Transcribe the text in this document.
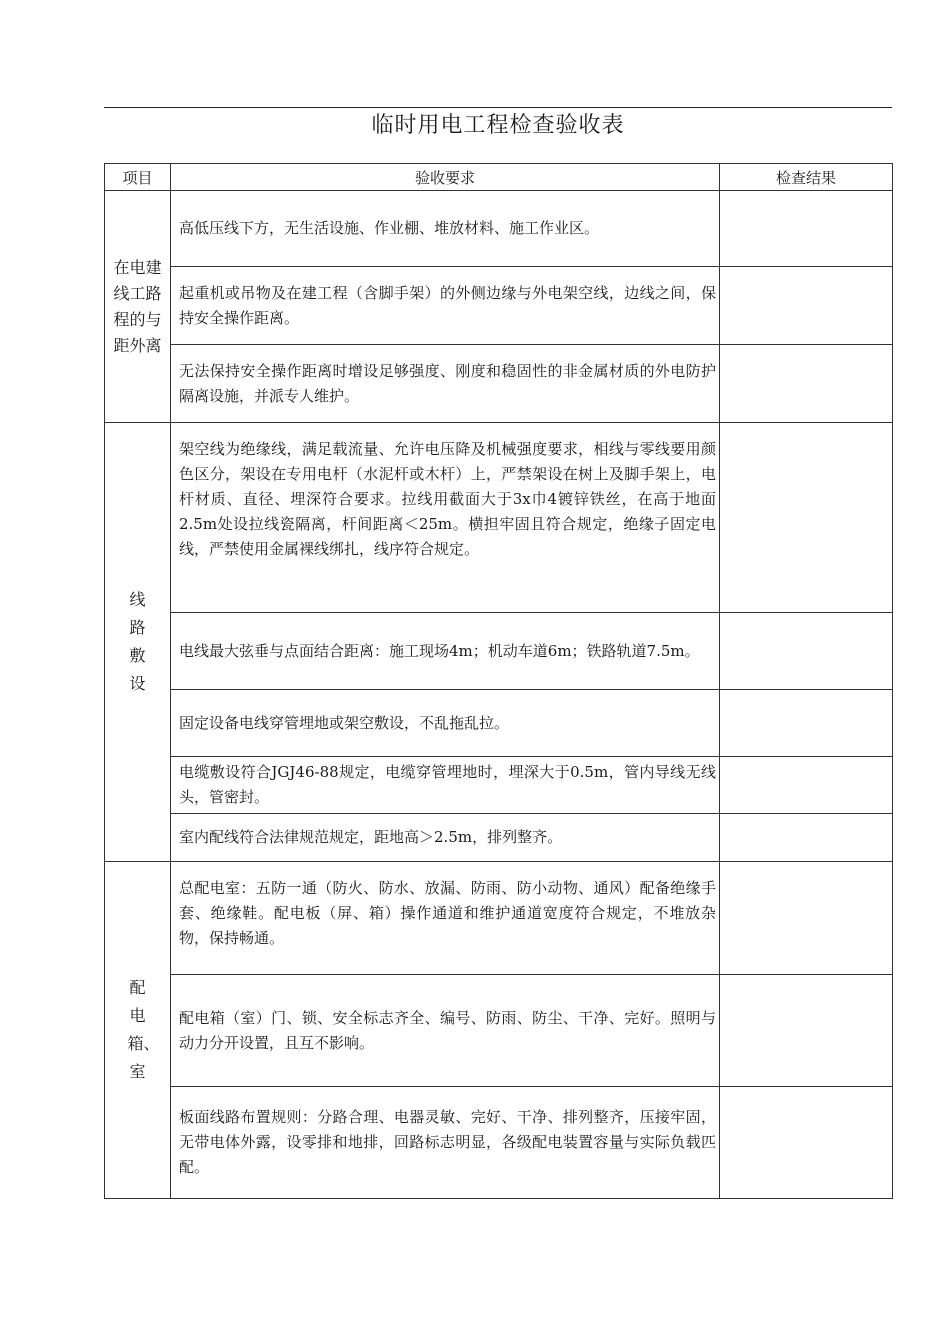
临时用电工程检查验收表
项目	验收要求	检查结果

在电建线工路程的与距外离	高低压线下方，无生活设施、作业棚、堆放材料、施工作业区。	
	起重机或吊物及在建工程（含脚手架）的外侧边缘与外电架空线，边线之间，保持安全操作距离。	
	无法保持安全操作距离时增设足够强度、刚度和稳固性的非金属材质的外电防护隔离设施，并派专人维护。	

线路敷设	架空线为绝缘线，满足载流量、允许电压降及机械强度要求，相线与零线要用颜色区分，架设在专用电杆（水泥杆或木杆）上，严禁架设在树上及脚手架上，电杆材质、直径、埋深符合要求。拉线用截面大于3x巾4镀锌铁丝，在高于地面2.5m处设拉线瓷隔离，杆间距离＜25m。横担牢固且符合规定，绝缘子固定电线，严禁使用金属裸线绑扎，线序符合规定。	
	电线最大弦垂与点面结合距离：施工现场4m；机动车道6m；铁路轨道7.5m。	
	固定设备电线穿管埋地或架空敷设，不乱拖乱拉。	
	电缆敷设符合JGJ46-88规定，电缆穿管埋地时，埋深大于0.5m，管内导线无线头，管密封。	
	室内配线符合法律规范规定，距地高＞2.5m，排列整齐。	

配电箱、室	总配电室：五防一通（防火、防水、放漏、防雨、防小动物、通风）配备绝缘手套、绝缘鞋。配电板（屏、箱）操作通道和维护通道宽度符合规定，不堆放杂物，保持畅通。	
	配电箱（室）门、锁、安全标志齐全、编号、防雨、防尘、干净、完好。照明与动力分开设置，且互不影响。	
	板面线路布置规则：分路合理、电器灵敏、完好、干净、排列整齐，压接牢固，无带电体外露，设零排和地排，回路标志明显，各级配电装置容量与实际负载匹配。	
